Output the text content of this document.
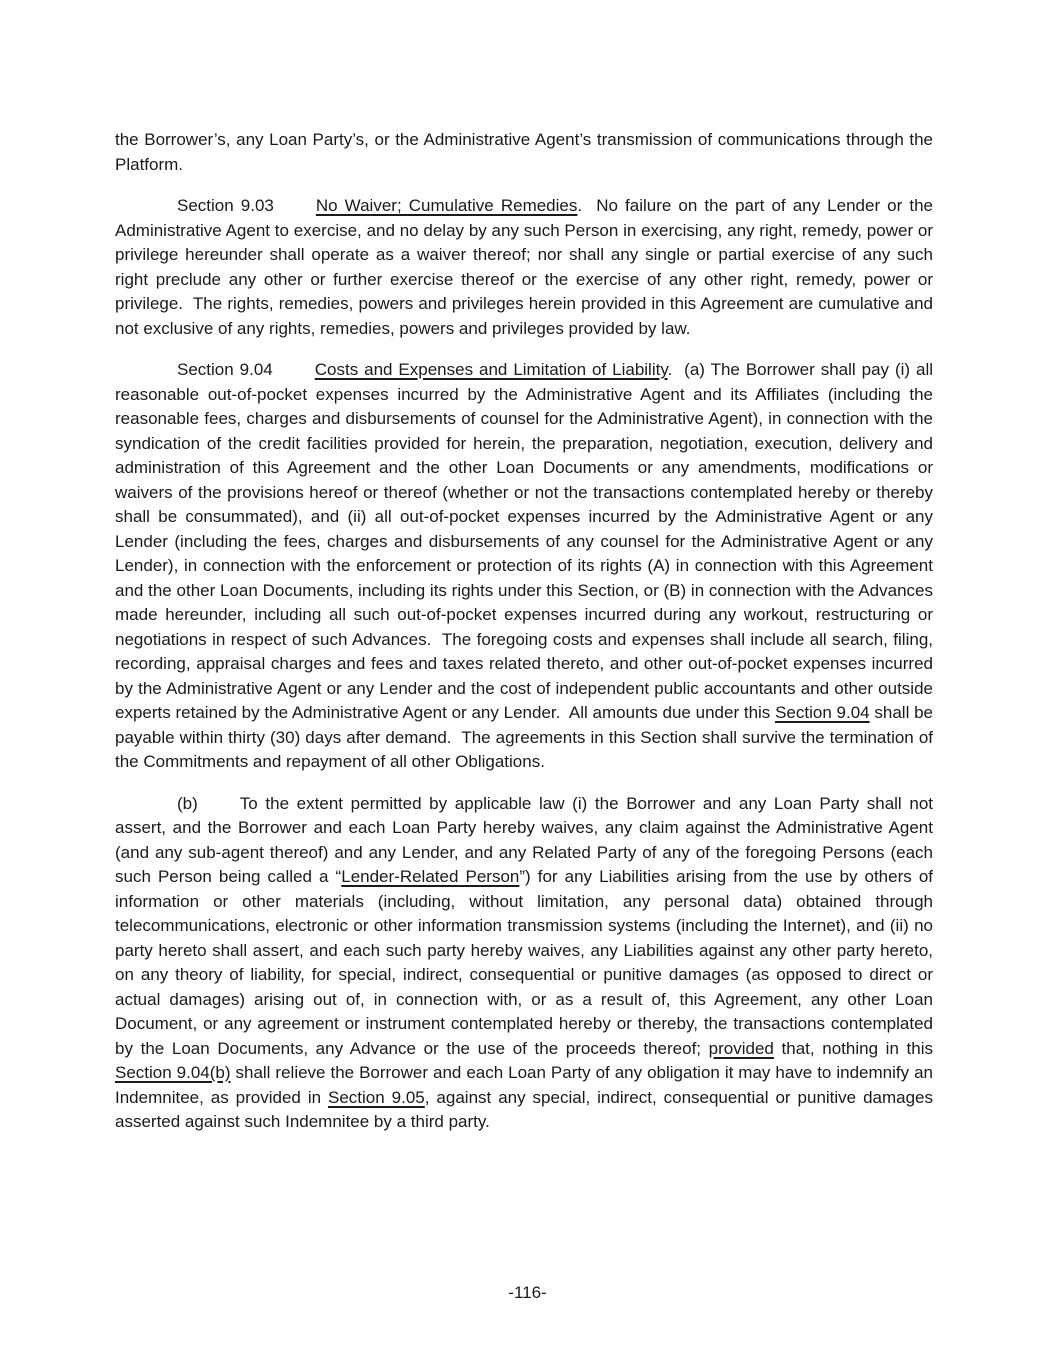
the Borrower’s, any Loan Party’s, or the Administrative Agent’s transmission of communications through the Platform.

Section 9.03 No Waiver; Cumulative Remedies.  No failure on the part of any Lender or the Administrative Agent to exercise, and no delay by any such Person in exercising, any right, remedy, power or privilege hereunder shall operate as a waiver thereof; nor shall any single or partial exercise of any such right preclude any other or further exercise thereof or the exercise of any other right, remedy, power or privilege.  The rights, remedies, powers and privileges herein provided in this Agreement are cumulative and not exclusive of any rights, remedies, powers and privileges provided by law.

Section 9.04 Costs and Expenses and Limitation of Liability.  (a) The Borrower shall pay (i) all reasonable out-of-pocket expenses incurred by the Administrative Agent and its Affiliates (including the reasonable fees, charges and disbursements of counsel for the Administrative Agent), in connection with the syndication of the credit facilities provided for herein, the preparation, negotiation, execution, delivery and administration of this Agreement and the other Loan Documents or any amendments, modifications or waivers of the provisions hereof or thereof (whether or not the transactions contemplated hereby or thereby shall be consummated), and (ii) all out-of-pocket expenses incurred by the Administrative Agent or any Lender (including the fees, charges and disbursements of any counsel for the Administrative Agent or any Lender), in connection with the enforcement or protection of its rights (A) in connection with this Agreement and the other Loan Documents, including its rights under this Section, or (B) in connection with the Advances made hereunder, including all such out-of-pocket expenses incurred during any workout, restructuring or negotiations in respect of such Advances.  The foregoing costs and expenses shall include all search, filing, recording, appraisal charges and fees and taxes related thereto, and other out-of-pocket expenses incurred by the Administrative Agent or any Lender and the cost of independent public accountants and other outside experts retained by the Administrative Agent or any Lender.  All amounts due under this Section 9.04 shall be payable within thirty (30) days after demand.  The agreements in this Section shall survive the termination of the Commitments and repayment of all other Obligations.

(b) To the extent permitted by applicable law (i) the Borrower and any Loan Party shall not assert, and the Borrower and each Loan Party hereby waives, any claim against the Administrative Agent (and any sub-agent thereof) and any Lender, and any Related Party of any of the foregoing Persons (each such Person being called a “Lender-Related Person”) for any Liabilities arising from the use by others of information or other materials (including, without limitation, any personal data) obtained through telecommunications, electronic or other information transmission systems (including the Internet), and (ii) no party hereto shall assert, and each such party hereby waives, any Liabilities against any other party hereto, on any theory of liability, for special, indirect, consequential or punitive damages (as opposed to direct or actual damages) arising out of, in connection with, or as a result of, this Agreement, any other Loan Document, or any agreement or instrument contemplated hereby or thereby, the transactions contemplated by the Loan Documents, any Advance or the use of the proceeds thereof; provided that, nothing in this Section 9.04(b) shall relieve the Borrower and each Loan Party of any obligation it may have to indemnify an Indemnitee, as provided in Section 9.05, against any special, indirect, consequential or punitive damages asserted against such Indemnitee by a third party.

-116-
